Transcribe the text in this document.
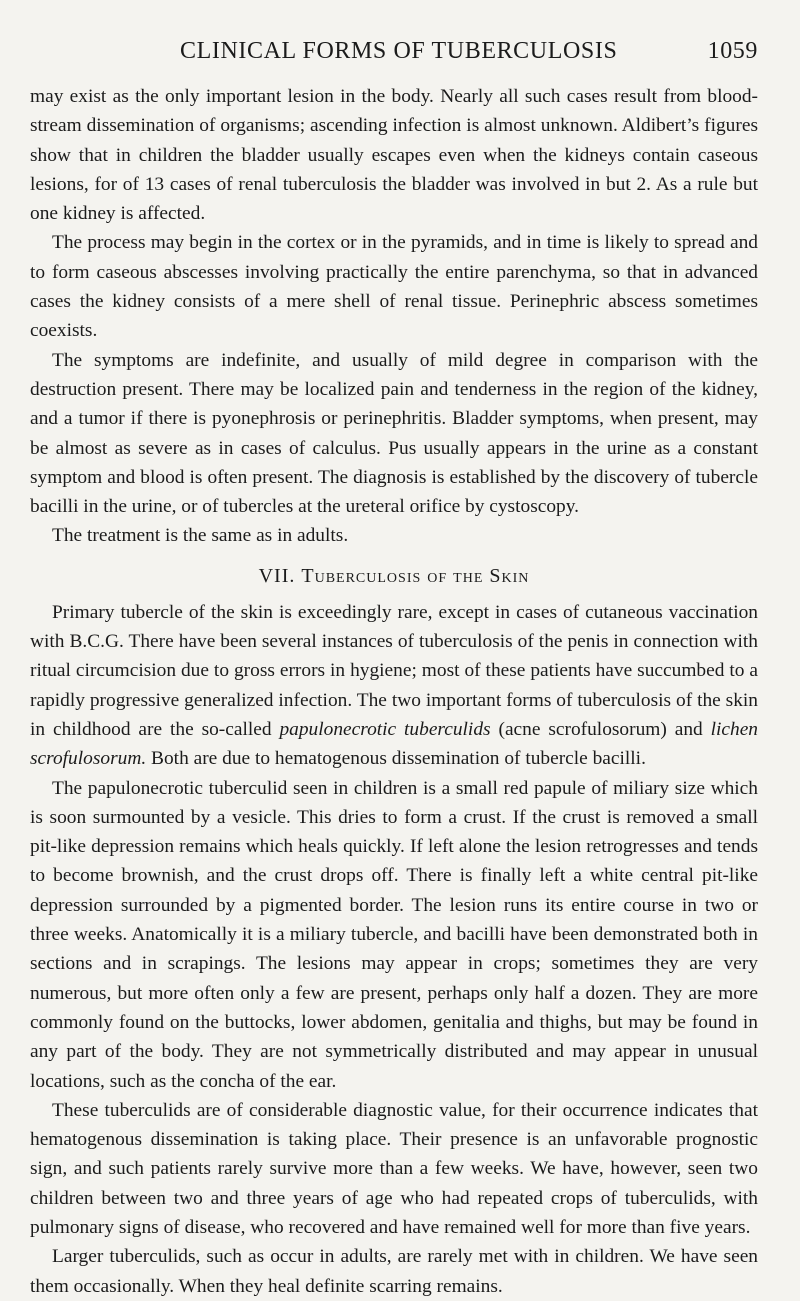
CLINICAL FORMS OF TUBERCULOSIS	1059

may exist as the only important lesion in the body. Nearly all such cases result from blood-stream dissemination of organisms; ascending infection is almost unknown. Aldibert’s figures show that in children the bladder usually escapes even when the kidneys contain caseous lesions, for of 13 cases of renal tuberculosis the bladder was involved in but 2. As a rule but one kidney is affected.

The process may begin in the cortex or in the pyramids, and in time is likely to spread and to form caseous abscesses involving practically the entire parenchyma, so that in advanced cases the kidney consists of a mere shell of renal tissue. Perinephric abscess sometimes coexists.

The symptoms are indefinite, and usually of mild degree in comparison with the destruction present. There may be localized pain and tenderness in the region of the kidney, and a tumor if there is pyonephrosis or perinephritis. Bladder symptoms, when present, may be almost as severe as in cases of calculus. Pus usually appears in the urine as a constant symptom and blood is often present. The diagnosis is established by the discovery of tubercle bacilli in the urine, or of tubercles at the ureteral orifice by cystoscopy.

The treatment is the same as in adults.

VII. Tuberculosis of the Skin

Primary tubercle of the skin is exceedingly rare, except in cases of cutaneous vaccination with B.C.G. There have been several instances of tuberculosis of the penis in connection with ritual circumcision due to gross errors in hygiene; most of these patients have succumbed to a rapidly progressive generalized infection. The two important forms of tuberculosis of the skin in childhood are the so-called papulonecrotic tuberculids (acne scrofulosorum) and lichen scrofulosorum. Both are due to hematogenous dissemination of tubercle bacilli.

The papulonecrotic tuberculid seen in children is a small red papule of miliary size which is soon surmounted by a vesicle. This dries to form a crust. If the crust is removed a small pit-like depression remains which heals quickly. If left alone the lesion retrogresses and tends to become brownish, and the crust drops off. There is finally left a white central pit-like depression surrounded by a pigmented border. The lesion runs its entire course in two or three weeks. Anatomically it is a miliary tubercle, and bacilli have been demonstrated both in sections and in scrapings. The lesions may appear in crops; sometimes they are very numerous, but more often only a few are present, perhaps only half a dozen. They are more commonly found on the buttocks, lower abdomen, genitalia and thighs, but may be found in any part of the body. They are not symmetrically distributed and may appear in unusual locations, such as the concha of the ear.

These tuberculids are of considerable diagnostic value, for their occurrence indicates that hematogenous dissemination is taking place. Their presence is an unfavorable prognostic sign, and such patients rarely survive more than a few weeks. We have, however, seen two children between two and three years of age who had repeated crops of tuberculids, with pulmonary signs of disease, who recovered and have remained well for more than five years.

Larger tuberculids, such as occur in adults, are rarely met with in children. We have seen them occasionally. When they heal definite scarring remains.
